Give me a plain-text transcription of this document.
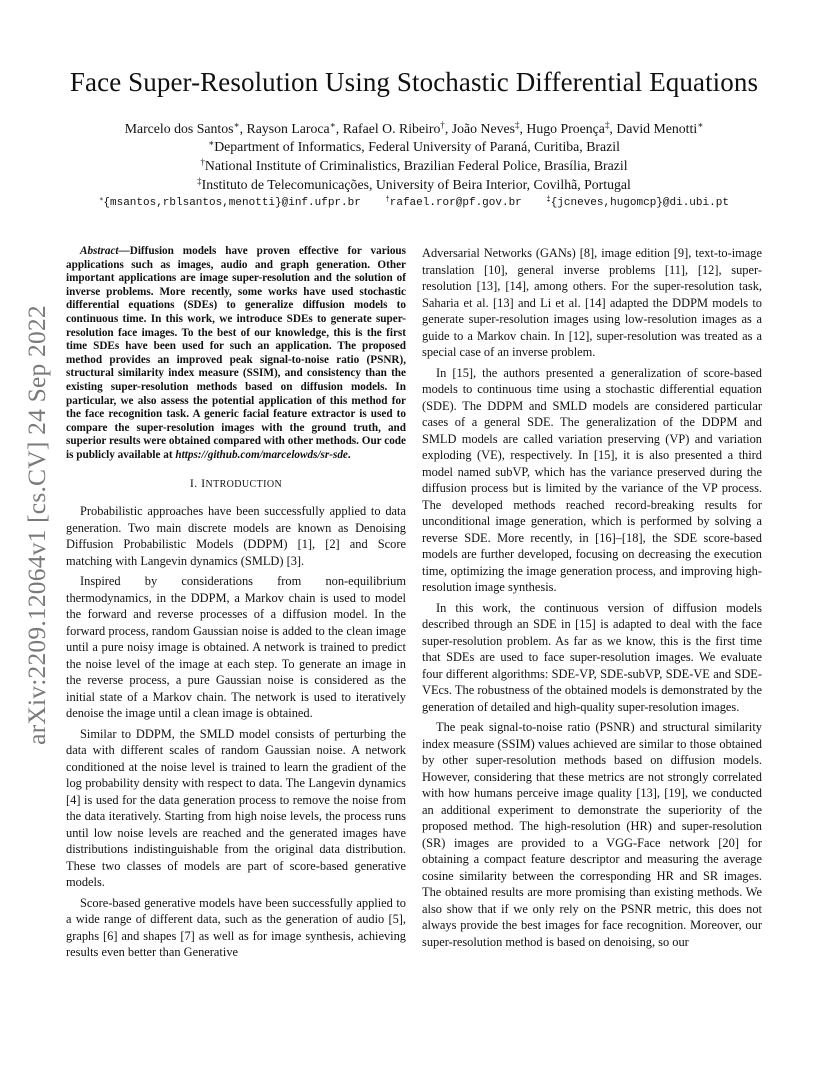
arXiv:2209.12064v1 [cs.CV] 24 Sep 2022
Face Super-Resolution Using Stochastic Differential Equations
Marcelo dos Santos∗, Rayson Laroca∗, Rafael O. Ribeiro†, João Neves‡, Hugo Proença‡, David Menotti∗
∗Department of Informatics, Federal University of Paraná, Curitiba, Brazil
†National Institute of Criminalistics, Brazilian Federal Police, Brasília, Brazil
‡Instituto de Telecomunicações, University of Beira Interior, Covilhã, Portugal
∗{msantos,rblsantos,menotti}@inf.ufpr.br	†rafael.ror@pf.gov.br	‡{jcneves,hugomcp}@di.ubi.pt

Abstract—Diffusion models have proven effective for various applications such as images, audio and graph generation. Other important applications are image super-resolution and the solution of inverse problems. More recently, some works have used stochastic differential equations (SDEs) to generalize diffusion models to continuous time. In this work, we introduce SDEs to generate super-resolution face images. To the best of our knowledge, this is the first time SDEs have been used for such an application. The proposed method provides an improved peak signal-to-noise ratio (PSNR), structural similarity index measure (SSIM), and consistency than the existing super-resolution methods based on diffusion models. In particular, we also assess the potential application of this method for the face recognition task. A generic facial feature extractor is used to compare the super-resolution images with the ground truth, and superior results were obtained compared with other methods. Our code is publicly available at https://github.com/marcelowds/sr-sde.

I. INTRODUCTION

Probabilistic approaches have been successfully applied to data generation. Two main discrete models are known as Denoising Diffusion Probabilistic Models (DDPM) [1], [2] and Score matching with Langevin dynamics (SMLD) [3].

Inspired by considerations from non-equilibrium thermodynamics, in the DDPM, a Markov chain is used to model the forward and reverse processes of a diffusion model. In the forward process, random Gaussian noise is added to the clean image until a pure noisy image is obtained. A network is trained to predict the noise level of the image at each step. To generate an image in the reverse process, a pure Gaussian noise is considered as the initial state of a Markov chain. The network is used to iteratively denoise the image until a clean image is obtained.

Similar to DDPM, the SMLD model consists of perturbing the data with different scales of random Gaussian noise. A network conditioned at the noise level is trained to learn the gradient of the log probability density with respect to data. The Langevin dynamics [4] is used for the data generation process to remove the noise from the data iteratively. Starting from high noise levels, the process runs until low noise levels are reached and the generated images have distributions indistinguishable from the original data distribution. These two classes of models are part of score-based generative models.

Score-based generative models have been successfully applied to a wide range of different data, such as the generation of audio [5], graphs [6] and shapes [7] as well as for image synthesis, achieving results even better than Generative

Adversarial Networks (GANs) [8], image edition [9], text-to-image translation [10], general inverse problems [11], [12], super-resolution [13], [14], among others. For the super-resolution task, Saharia et al. [13] and Li et al. [14] adapted the DDPM models to generate super-resolution images using low-resolution images as a guide to a Markov chain. In [12], super-resolution was treated as a special case of an inverse problem.

In [15], the authors presented a generalization of score-based models to continuous time using a stochastic differential equation (SDE). The DDPM and SMLD models are considered particular cases of a general SDE. The generalization of the DDPM and SMLD models are called variation preserving (VP) and variation exploding (VE), respectively. In [15], it is also presented a third model named subVP, which has the variance preserved during the diffusion process but is limited by the variance of the VP process. The developed methods reached record-breaking results for unconditional image generation, which is performed by solving a reverse SDE. More recently, in [16]–[18], the SDE score-based models are further developed, focusing on decreasing the execution time, optimizing the image generation process, and improving high-resolution image synthesis.

In this work, the continuous version of diffusion models described through an SDE in [15] is adapted to deal with the face super-resolution problem. As far as we know, this is the first time that SDEs are used to face super-resolution images. We evaluate four different algorithms: SDE-VP, SDE-subVP, SDE-VE and SDE-VEcs. The robustness of the obtained models is demonstrated by the generation of detailed and high-quality super-resolution images.

The peak signal-to-noise ratio (PSNR) and structural similarity index measure (SSIM) values achieved are similar to those obtained by other super-resolution methods based on diffusion models. However, considering that these metrics are not strongly correlated with how humans perceive image quality [13], [19], we conducted an additional experiment to demonstrate the superiority of the proposed method. The high-resolution (HR) and super-resolution (SR) images are provided to a VGG-Face network [20] for obtaining a compact feature descriptor and measuring the average cosine similarity between the corresponding HR and SR images. The obtained results are more promising than existing methods. We also show that if we only rely on the PSNR metric, this does not always provide the best images for face recognition. Moreover, our super-resolution method is based on denoising, so our
